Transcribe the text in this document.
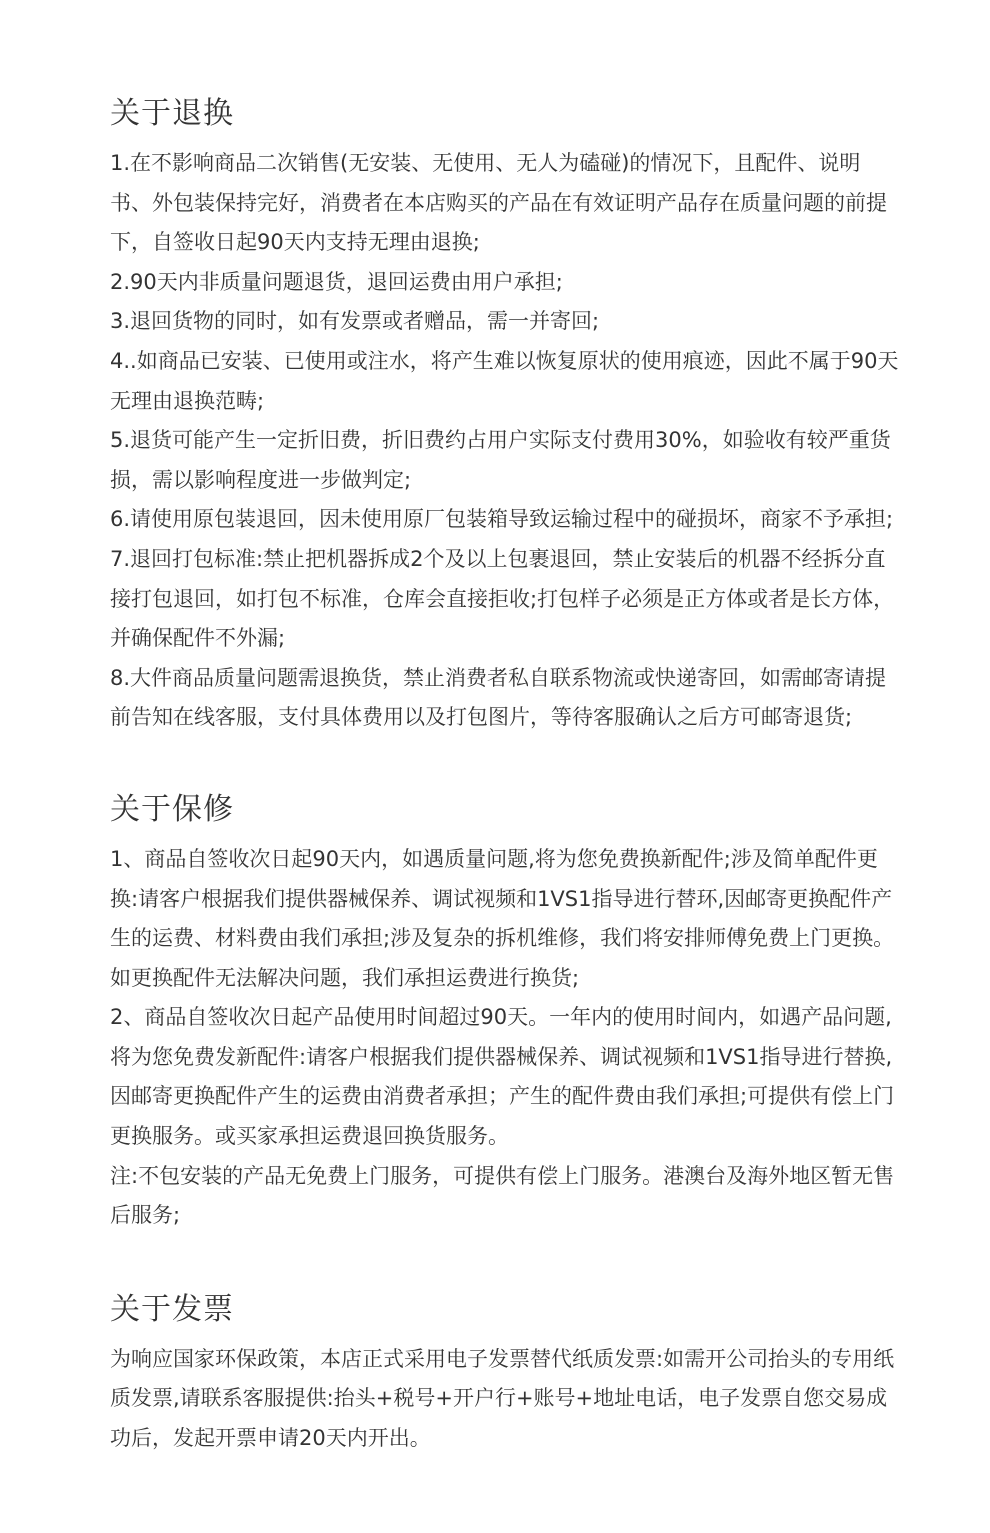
关于退换

1.在不影响商品二次销售(无安装、无使用、无人为磕碰)的情况下，且配件、说明书、外包装保持完好，消费者在本店购买的产品在有效证明产品存在质量问题的前提下，自签收日起90天内支持无理由退换;

2.90天内非质量问题退货，退回运费由用户承担;

3.退回货物的同时，如有发票或者赠品，需一并寄回;

4..如商品已安装、已使用或注水，将产生难以恢复原状的使用痕迹，因此不属于90天无理由退换范畴;

5.退货可能产生一定折旧费，折旧费约占用户实际支付费用30%，如验收有较严重货损，需以影响程度进一步做判定;

6.请使用原包装退回，因未使用原厂包装箱导致运输过程中的碰损坏，商家不予承担;

7.退回打包标准:禁止把机器拆成2个及以上包裹退回，禁止安装后的机器不经拆分直接打包退回，如打包不标准，仓库会直接拒收;打包样子必须是正方体或者是长方体，并确保配件不外漏;

8.大件商品质量问题需退换货，禁止消费者私自联系物流或快递寄回，如需邮寄请提前告知在线客服，支付具体费用以及打包图片，等待客服确认之后方可邮寄退货;

关于保修

1、商品自签收次日起90天内，如遇质量问题,将为您免费换新配件;涉及简单配件更换:请客户根据我们提供器械保养、调试视频和1VS1指导进行替环,因邮寄更换配件产生的运费、材料费由我们承担;涉及复杂的拆机维修，我们将安排师傅免费上门更换。如更换配件无法解决问题，我们承担运费进行换货;

2、商品自签收次日起产品使用时间超过90天。一年内的使用时间内，如遇产品问题,将为您免费发新配件:请客户根据我们提供器械保养、调试视频和1VS1指导进行替换,因邮寄更换配件产生的运费由消费者承担；产生的配件费由我们承担;可提供有偿上门更换服务。或买家承担运费退回换货服务。

注:不包安装的产品无免费上门服务，可提供有偿上门服务。港澳台及海外地区暂无售后服务;

关于发票

为响应国家环保政策，本店正式采用电子发票替代纸质发票:如需开公司抬头的专用纸质发票,请联系客服提供:抬头+税号+开户行+账号+地址电话，电子发票自您交易成功后，发起开票申请20天内开出。
